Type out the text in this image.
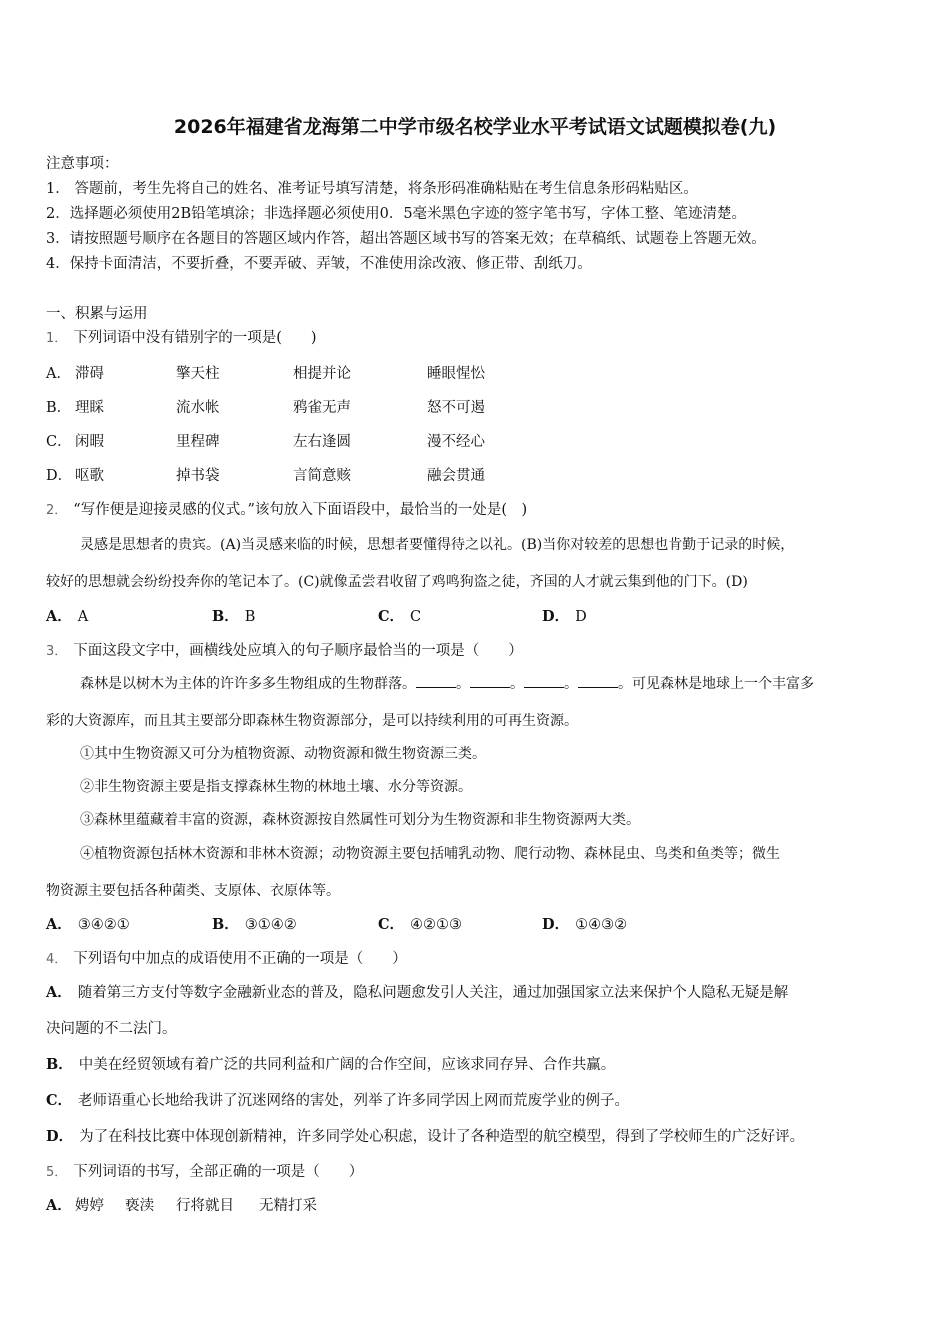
2026年福建省龙海第二中学市级名校学业水平考试语文试题模拟卷(九)
注意事项：
1． 答题前，考生先将自己的姓名、准考证号填写清楚，将条形码准确粘贴在考生信息条形码粘贴区。
2．选择题必须使用2B铅笔填涂；非选择题必须使用0．5毫米黑色字迹的签字笔书写，字体工整、笔迹清楚。
3．请按照题号顺序在各题目的答题区域内作答，超出答题区域书写的答案无效；在草稿纸、试题卷上答题无效。
4．保持卡面清洁，不要折叠，不要弄破、弄皱，不准使用涂改液、修正带、刮纸刀。
一、积累与运用
1． 下列词语中没有错别字的一项是(　　)
A． 滞碍	擎天柱	相提并论	睡眼惺忪
B． 理睬	流水帐	鸦雀无声	怒不可遏
C． 闲暇	里程碑	左右逢圆	漫不经心
D． 呕歌	掉书袋	言简意赅	融会贯通
2． “写作便是迎接灵感的仪式。”该句放入下面语段中，最恰当的一处是(　)
灵感是思想者的贵宾。(A)当灵感来临的时候，思想者要懂得待之以礼。(B)当你对较差的思想也肯勤于记录的时候，
较好的思想就会纷纷投奔你的笔记本了。(C)就像孟尝君收留了鸡鸣狗盗之徒，齐国的人才就云集到他的门下。(D)
A． A	B． B	C． C	D． D
3． 下面这段文字中，画横线处应填入的句子顺序最恰当的一项是（　　）
森林是以树木为主体的许许多多生物组成的生物群落。	。	。	。	。可见森林是地球上一个丰富多
彩的大资源库，而且其主要部分即森林生物资源部分，是可以持续利用的可再生资源。
①其中生物资源又可分为植物资源、动物资源和微生物资源三类。
②非生物资源主要是指支撑森林生物的林地土壤、水分等资源。
③森林里蕴藏着丰富的资源，森林资源按自然属性可划分为生物资源和非生物资源两大类。
④植物资源包括林木资源和非林木资源；动物资源主要包括哺乳动物、爬行动物、森林昆虫、鸟类和鱼类等；微生
物资源主要包括各种菌类、支原体、衣原体等。
A． ③④②①	B． ③①④②	C． ④②①③	D． ①④③②
4． 下列语句中加点的成语使用不正确的一项是（　　）
A． 随着第三方支付等数字金融新业态的普及，隐私问题愈发引人关注，通过加强国家立法来保护个人隐私无疑是解
决问题的不二法门。
B． 中美在经贸领域有着广泛的共同利益和广阔的合作空间，应该求同存异、合作共赢。
C． 老师语重心长地给我讲了沉迷网络的害处，列举了许多同学因上网而荒废学业的例子。
D． 为了在科技比赛中体现创新精神，许多同学处心积虑，设计了各种造型的航空模型，得到了学校师生的广泛好评。
5． 下列词语的书写，全部正确的一项是（　　）
A． 娉婷 亵渎 行将就目 无精打采
